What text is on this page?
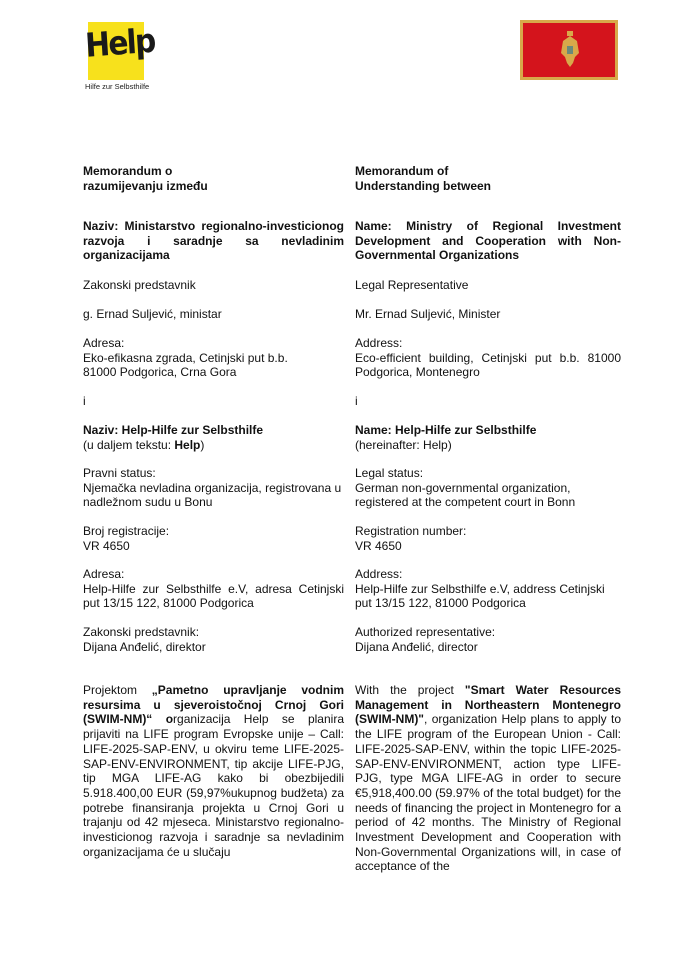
Help
Hilfe zur Selbsthilfe
Memorandum o
razumijevanju između
Naziv: Ministarstvo regionalno-investicionog razvoja i saradnje sa nevladinim organizacijama
Zakonski predstavnik
g. Ernad Suljević, ministar
Adresa:
Eko-efikasna zgrada, Cetinjski put b.b.
81000 Podgorica, Crna Gora
i
Naziv: Help-Hilfe zur Selbsthilfe
(u daljem tekstu: Help)
Pravni status:
Njemačka nevladina organizacija, registrovana u nadležnom sudu u Bonu
Broj registracije:
VR 4650
Adresa:
Help-Hilfe zur Selbsthilfe e.V, adresa Cetinjski put 13/15 122, 81000 Podgorica
Zakonski predstavnik:
Dijana Anđelić, direktor
Projektom „Pametno upravljanje vodnim resursima u sjeveroistočnoj Crnoj Gori (SWIM-NM)“ organizacija Help se planira prijaviti na LIFE program Evropske unije – Call: LIFE-2025-SAP-ENV, u okviru teme LIFE-2025-SAP-ENV-ENVIRONMENT, tip akcije LIFE-PJG, tip MGA LIFE-AG kako bi obezbijedili 5.918.400,00 EUR (59,97%ukupnog budžeta) za potrebe finansiranja projekta u Crnoj Gori u trajanju od 42 mjeseca. Ministarstvo regionalno-investicionog razvoja i saradnje sa nevladinim organizacijama će u slučaju
Memorandum of
Understanding between
Name: Ministry of Regional Investment Development and Cooperation with Non-Governmental Organizations
Legal Representative
Mr. Ernad Suljević, Minister
Address:
Eco-efficient building, Cetinjski put b.b. 81000 Podgorica, Montenegro
i
Name: Help-Hilfe zur Selbsthilfe
(hereinafter: Help)
Legal status:
German non-governmental organization, registered at the competent court in Bonn
Registration number:
VR 4650
Address:
Help-Hilfe zur Selbsthilfe e.V, address Cetinjski put 13/15 122, 81000 Podgorica
Authorized representative:
Dijana Anđelić, director
With the project "Smart Water Resources Management in Northeastern Montenegro (SWIM-NM)", organization Help plans to apply to the LIFE program of the European Union - Call: LIFE-2025-SAP-ENV, within the topic LIFE-2025-SAP-ENV-ENVIRONMENT, action type LIFE-PJG, type MGA LIFE-AG in order to secure €5,918,400.00 (59.97% of the total budget) for the needs of financing the project in Montenegro for a period of 42 months. The Ministry of Regional Investment Development and Cooperation with Non-Governmental Organizations will, in case of acceptance of the
